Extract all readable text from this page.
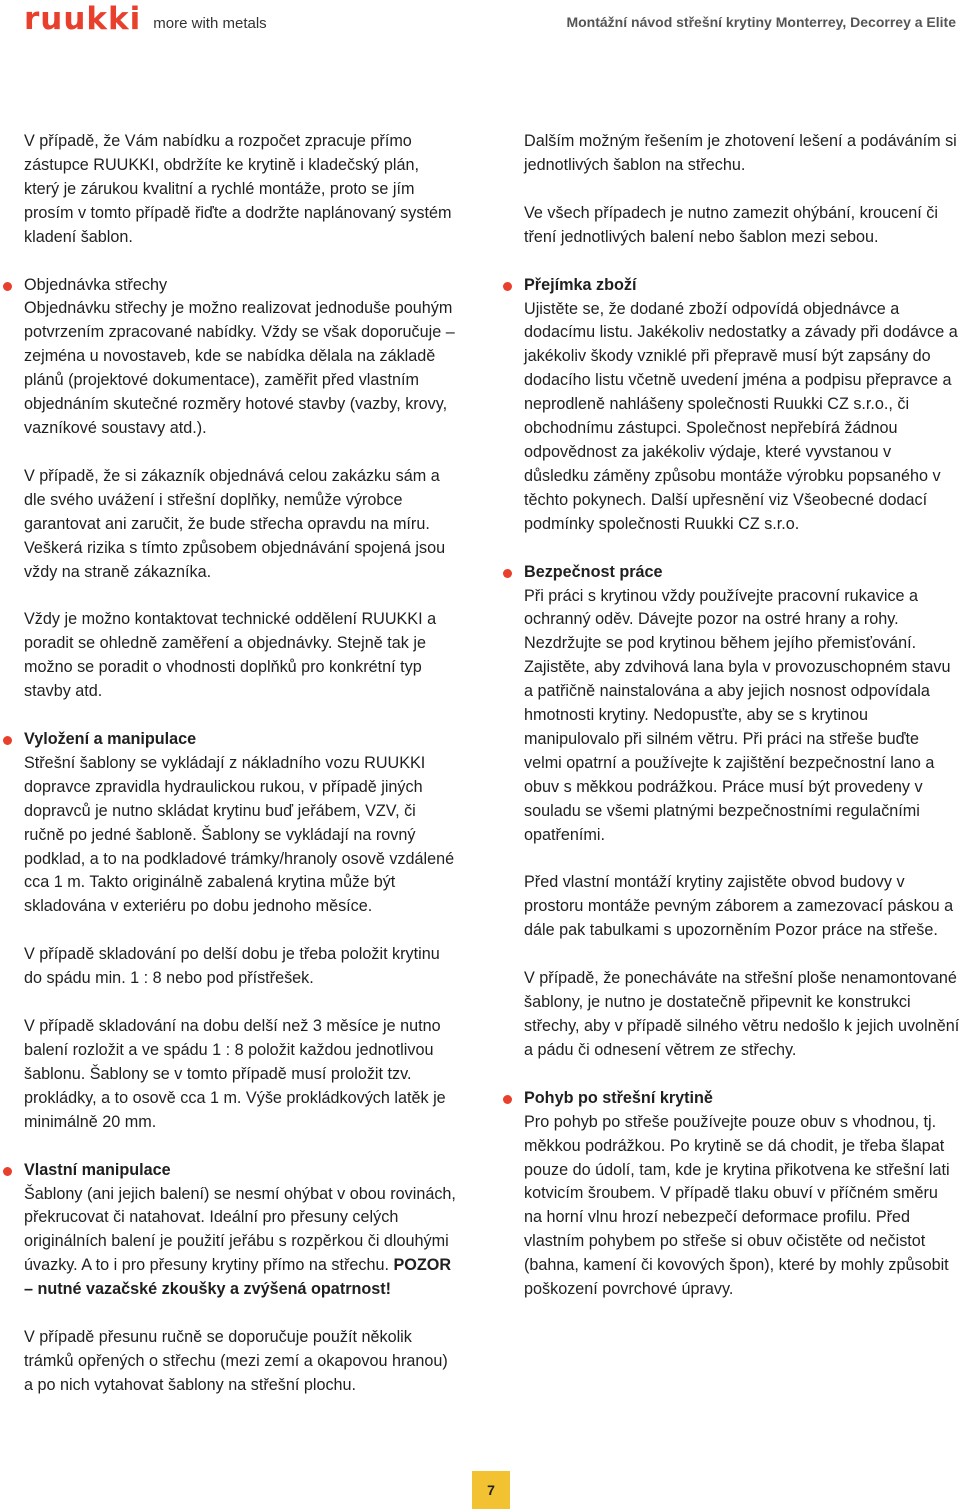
ruukki more with metals	Montážní návod střešní krytiny Monterrey, Decorrey a Elite

V případě, že Vám nabídku a rozpočet zpracuje přímo zástupce RUUKKI, obdržíte ke krytině i kladečský plán, který je zárukou kvalitní a rychlé montáže, proto se jím prosím v tomto případě řiďte a dodržte naplánovaný systém kladení šablon.

Objednávka střechy

Objednávku střechy je možno realizovat jednoduše pouhým potvrzením zpracované nabídky. Vždy se však doporučuje – zejména u novostaveb, kde se nabídka dělala na základě plánů (projektové dokumentace), zaměřit před vlastním objednáním skutečné rozměry hotové stavby (vazby, krovy, vazníkové soustavy atd.).

V případě, že si zákazník objednává celou zakázku sám a dle svého uvážení i střešní doplňky, nemůže výrobce garantovat ani zaručit, že bude střecha opravdu na míru. Veškerá rizika s tímto způsobem objednávání spojená jsou vždy na straně zákazníka.

Vždy je možno kontaktovat technické oddělení RUUKKI a poradit se ohledně zaměření a objednávky. Stejně tak je možno se poradit o vhodnosti doplňků pro konkrétní typ stavby atd.

Vyložení a manipulace

Střešní šablony se vykládají z nákladního vozu RUUKKI dopravce zpravidla hydraulickou rukou, v případě jiných dopravců je nutno skládat krytinu buď jeřábem, VZV, či ručně po jedné šabloně. Šablony se vykládají na rovný podklad, a to na podkladové trámky/hranoly osově vzdálené cca 1 m. Takto originálně zabalená krytina může být skladována v exteriéru po dobu jednoho měsíce.

V případě skladování po delší dobu je třeba položit krytinu do spádu min. 1 : 8 nebo pod přístřešek.

V případě skladování na dobu delší než 3 měsíce je nutno balení rozložit a ve spádu 1 : 8 položit každou jednotlivou šablonu. Šablony se v tomto případě musí proložit tzv. prokládky, a to osově cca 1 m. Výše prokládkových latěk je minimálně 20 mm.

Vlastní manipulace

Šablony (ani jejich balení) se nesmí ohýbat v obou rovinách, překrucovat či natahovat. Ideální pro přesuny celých originálních balení je použití jeřábu s rozpěrkou či dlouhými úvazky. A to i pro přesuny krytiny přímo na střechu. POZOR – nutné vazačské zkoušky a zvýšená opatrnost!

V případě přesunu ručně se doporučuje použít několik trámků opřených o střechu (mezi zemí a okapovou hranou) a po nich vytahovat šablony na střešní plochu.

Dalším možným řešením je zhotovení lešení a podáváním si jednotlivých šablon na střechu.

Ve všech případech je nutno zamezit ohýbání, kroucení či tření jednotlivých balení nebo šablon mezi sebou.

Přejímka zboží

Ujistěte se, že dodané zboží odpovídá objednávce a dodacímu listu. Jakékoliv nedostatky a závady při dodávce a jakékoliv škody vzniklé při přepravě musí být zapsány do dodacího listu včetně uvedení jména a podpisu přepravce a neprodleně nahlášeny společnosti Ruukki CZ s.r.o., či obchodnímu zástupci. Společnost nepřebírá žádnou odpovědnost za jakékoliv výdaje, které vyvstanou v důsledku záměny způsobu montáže výrobku popsaného v těchto pokynech. Další upřesnění viz Všeobecné dodací podmínky společnosti Ruukki CZ s.r.o.

Bezpečnost práce

Při práci s krytinou vždy používejte pracovní rukavice a ochranný oděv. Dávejte pozor na ostré hrany a rohy. Nezdržujte se pod krytinou během jejího přemisťování. Zajistěte, aby zdvihová lana byla v provozuschopném stavu a patřičně nainstalována a aby jejich nosnost odpovídala hmotnosti krytiny. Nedopusťte, aby se s krytinou manipulovalo při silném větru. Při práci na střeše buďte velmi opatrní a používejte k zajištění bezpečnostní lano a obuv s měkkou podrážkou. Práce musí být provedeny v souladu se všemi platnými bezpečnostními regulačními opatřeními.

Před vlastní montáží krytiny zajistěte obvod budovy v prostoru montáže pevným záborem a zamezovací páskou a dále pak tabulkami s upozorněním Pozor práce na střeše.

V případě, že ponecháváte na střešní ploše nenamontované šablony, je nutno je dostatečně připevnit ke konstrukci střechy, aby v případě silného větru nedošlo k jejich uvolnění a pádu či odnesení větrem ze střechy.

Pohyb po střešní krytině

Pro pohyb po střeše používejte pouze obuv s vhodnou, tj. měkkou podrážkou. Po krytině se dá chodit, je třeba šlapat pouze do údolí, tam, kde je krytina přikotvena ke střešní lati kotvicím šroubem. V případě tlaku obuví v příčném směru na horní vlnu hrozí nebezpečí deformace profilu. Před vlastním pohybem po střeše si obuv očistěte od nečistot (bahna, kamení či kovových špon), které by mohly způsobit poškození povrchové úpravy.

7
